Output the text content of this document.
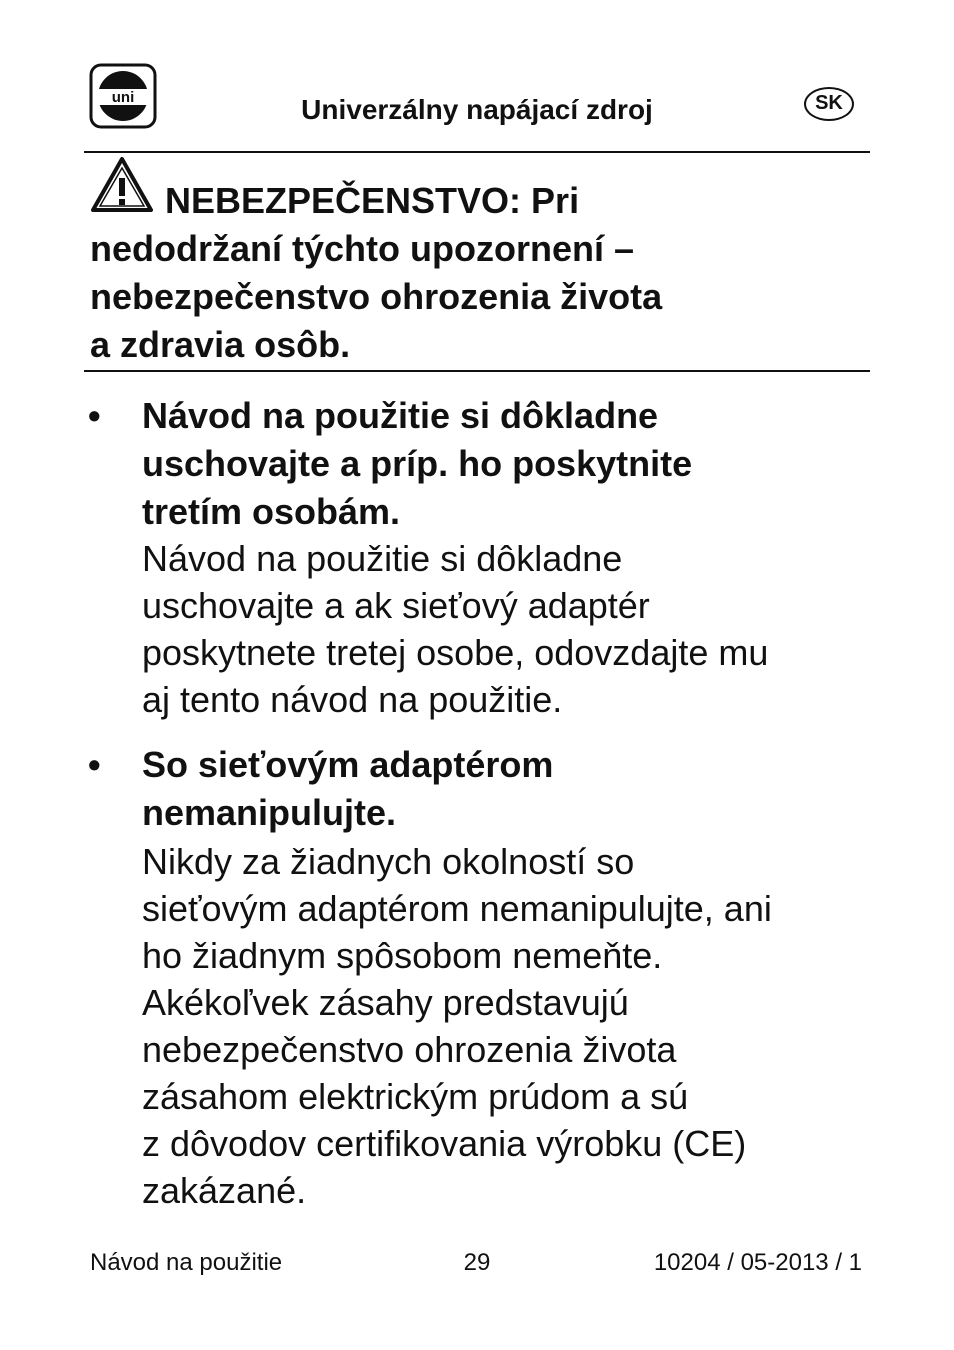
uni	Univerzálny napájací zdroj	SK
NEBEZPEČENSTVO: Pri
nedodržaní týchto upozornení –
nebezpečenstvo ohrozenia života
a zdravia osôb.
• Návod na použitie si dôkladne
uschovajte a príp. ho poskytnite
tretím osobám.
Návod na použitie si dôkladne
uschovajte a ak sieťový adaptér
poskytnete tretej osobe, odovzdajte mu
aj tento návod na použitie.
• So sieťovým adaptérom
nemanipulujte.
Nikdy za žiadnych okolností so
sieťovým adaptérom nemanipulujte, ani
ho žiadnym spôsobom nemeňte.
Akékoľvek zásahy predstavujú
nebezpečenstvo ohrozenia života
zásahom elektrickým prúdom a sú
z dôvodov certifikovania výrobku (CE)
zakázané.
Návod na použitie	29	10204 / 05-2013 / 1
